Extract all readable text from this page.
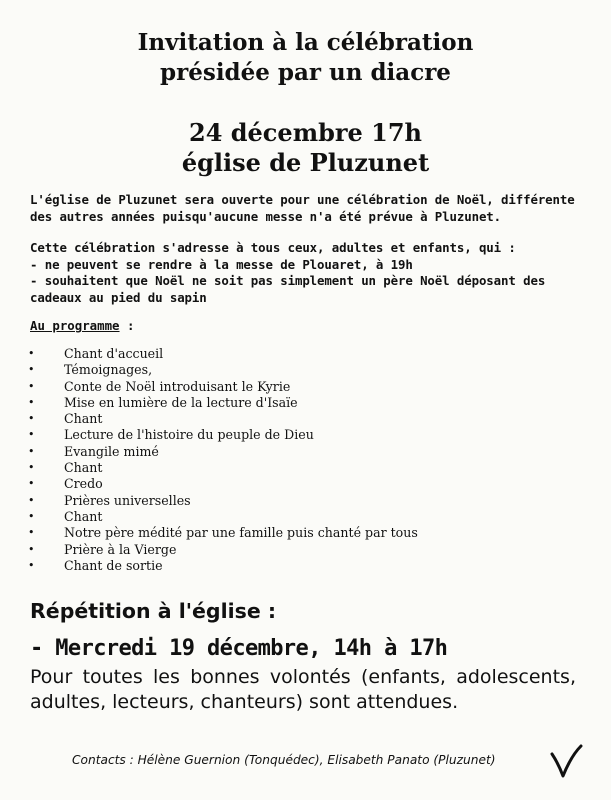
Invitation à la célébration
présidée par un diacre
24 décembre 17h
église de Pluzunet
L'église de Pluzunet sera ouverte pour une célébration de Noël, différente
des autres années puisqu'aucune messe n'a été prévue à Pluzunet.
Cette célébration s'adresse à tous ceux, adultes et enfants, qui :
- ne peuvent se rendre à la messe de Plouaret, à 19h
- souhaitent que Noël ne soit pas simplement un père Noël déposant des
cadeaux au pied du sapin
Au programme :
• Chant d'accueil
• Témoignages,
• Conte de Noël introduisant le Kyrie
• Mise en lumière de la lecture d'Isaïe
• Chant
• Lecture de l'histoire du peuple de Dieu
• Evangile mimé
• Chant
• Credo
• Prières universelles
• Chant
• Notre père médité par une famille puis chanté par tous
• Prière à la Vierge
• Chant de sortie
Répétition à l'église :
- Mercredi 19 décembre, 14h à 17h
Pour toutes les bonnes volontés (enfants, adolescents, adultes, lecteurs, chanteurs) sont attendues.
Contacts : Hélène Guernion (Tonquédec), Elisabeth Panato (Pluzunet)
